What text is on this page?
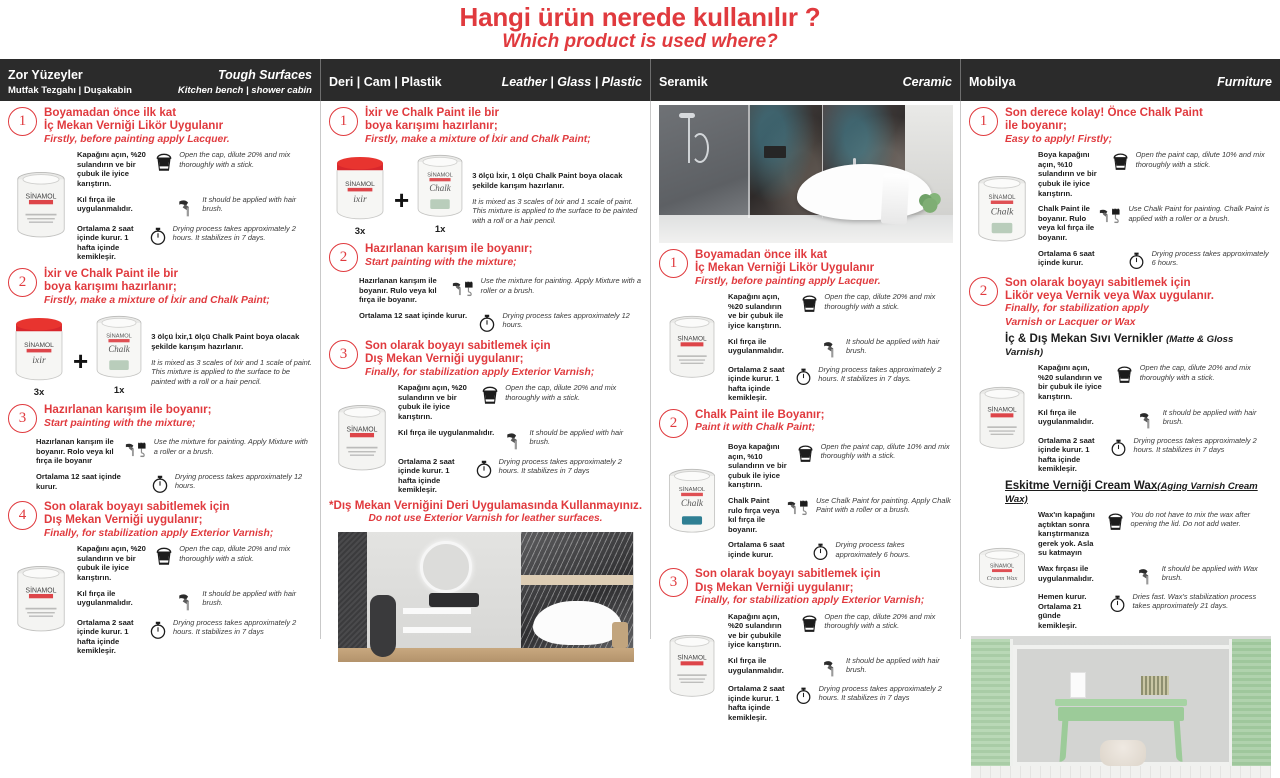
Hangi ürün nerede kullanılır ?
Which product is used where?
Zor Yüzeyler	Tough Surfaces
Mutfak Tezgahı | Duşakabin	Kitchen bench | shower cabin
Deri | Cam | Plastik	Leather | Glass | Plastic Seramik	Ceramic Mobilya	Furniture
1
Boyamadan önce ilk kat
İç Mekan Verniği Likör Uygulanır
Firstly, before painting apply Lacquer.
Kapağını açın, %20 sulandırın ve bir çubuk ile iyice karıştırın.
Open the cap, dilute 20% and mix thoroughly with a stick.
Kıl fırça ile uygulanmalıdır.
It should be applied with hair brush.
Ortalama 2 saat içinde kurur. 1 hafta içinde kemikleşir.
Drying process takes approximately 2 hours. It stabilizes in 7 days.
2
İxir ve Chalk Paint ile bir
boya karışımı hazırlanır;
Firstly, make a mixture of İxir and Chalk Paint;
3x
+
1x
3 ölçü İxir,1 ölçü Chalk Paint boya olacak şekilde karışım hazırlanır.
It is mixed as 3 scales of Ixir and 1 scale of paint. This mixture is applied to the surface to be painted with a roll or a hair pencil.
3
Hazırlanan karışım ile boyanır;
Start painting with the mixture;
Hazırlanan karışım ile boyanır. Rolo veya kıl fırça ile boyanır
Use the mixture for painting. Apply Mixture with a roller or a brush.
Ortalama 12 saat içinde kurur.
Drying process takes approximately 12 hours.
4
Son olarak boyayı sabitlemek için
Dış Mekan Verniği uygulanır;
Finally, for stabilization apply Exterior Varnish;
Kapağını açın, %20 sulandırın ve bir çubuk ile iyice karıştırın.
Open the cap, dilute 20% and mix thoroughly with a stick.
Kıl fırça ile uygulanmalıdır.
It should be applied with hair brush.
Ortalama 2 saat içinde kurur. 1 hafta içinde kemikleşir.
Drying process takes approximately 2 hours. It stabilizes in 7 days
1
İxir ve Chalk Paint ile bir
boya karışımı hazırlanır;
Firstly, make a mixture of İxir and Chalk Paint;
3x
+
1x
3 ölçü İxir, 1 ölçü Chalk Paint boya olacak şekilde karışım hazırlanır.
It is mixed as 3 scales of Ixir and 1 scale of paint. This mixture is applied to the surface to be painted with a roll or a hair pencil.
2
Hazırlanan karışım ile boyanır;
Start painting with the mixture;
Hazırlanan karışım ile boyanır. Rulo veya kıl fırça ile boyanır.
Use the mixture for painting. Apply Mixture with a roller or a brush.
Ortalama 12 saat içinde kurur.	Drying process takes approximately 12 hours.
3
Son olarak boyayı sabitlemek için
Dış Mekan Verniği uygulanır;
Finally, for stabilization apply Exterior Varnish;
Kapağını açın, %20 sulandırın ve bir çubuk ile iyice karıştırın.
Open the cap, dilute 20% and mix thoroughly with a stick.
Kıl fırça ile uygulanmalıdır.	It should be applied with hair brush.
Ortalama 2 saat içinde kurur. 1 hafta içinde kemikleşir.
Drying process takes approximately 2 hours. It stabilizes in 7 days
*Dış Mekan Verniğini Deri Uygulamasında Kullanmayınız.
Do not use Exterior Varnish for leather surfaces.
1
Boyamadan önce ilk kat
İç Mekan Verniği Likör Uygulanır
Firstly, before painting apply Lacquer.
Kapağını açın, %20 sulandırın ve bir çubuk ile iyice karıştırın.
Open the cap, dilute 20% and mix thoroughly with a stick.
Kıl fırça ile uygulanmalıdır.
It should be applied with hair brush.
Ortalama 2 saat içinde kurur. 1 hafta içinde kemikleşir.
Drying process takes approximately 2 hours. It stabilizes in 7 days.
2
Chalk Paint ile Boyanır;
Paint it with Chalk Paint;
Boya kapağını açın, %10 sulandırın ve bir çubuk ile iyice karıştırın.
Open the paint cap, dilute 10% and mix thoroughly with a stick.
Chalk Paint rulo fırça veya kıl fırça ile boyanır.
Use Chalk Paint for painting. Apply Chalk Paint with a roller or a brush.
Ortalama 6 saat içinde kurur.
Drying process takes approximately 6 hours.
3
Son olarak boyayı sabitlemek için
Dış Mekan Verniği uygulanır;
Finally, for stabilization apply Exterior Varnish;
Kapağını açın, %20 sulandırın ve bir çubukile iyice karıştırın.
Open the cap, dilute 20% and mix thoroughly with a stick.
Kıl fırça ile uygulanmalıdır.
It should be applied with hair brush.
Ortalama 2 saat içinde kurur. 1 hafta içinde kemikleşir.
Drying process takes approximately 2 hours. It stabilizes in 7 days
1
Son derece kolay! Önce Chalk Paint
ile boyanır;
Easy to apply! Firstly;
Boya kapağını açın, %10 sulandırın ve bir çubuk ile iyice karıştırın.
Open the paint cap, dilute 10% and mix thoroughly with a stick.
Chalk Paint ile boyanır. Rulo veya kıl fırça ile boyanır.
Use Chalk Paint for painting. Chalk Paint is applied with a roller or a brush.
Ortalama 6 saat içinde kurur.
Drying process takes approximately 6 hours.
2
Son olarak boyayı sabitlemek için
Likör veya Vernik veya Wax uygulanır.
Finally, for stabilization apply
Varnish or Lacquer or Wax
İç & Dış Mekan Sıvı Vernikler (Matte & Gloss Varnish)
Kapağını açın, %20 sulandırın ve bir çubuk ile iyice karıştırın.
Open the cap, dilute 20% and mix thoroughly with a stick.
Kıl fırça ile uygulanmalıdır.
It should be applied with hair brush.
Ortalama 2 saat içinde kurur. 1 hafta içinde kemikleşir.
Drying process takes approximately 2 hours. It stabilizes in 7 days
Eskitme Verniği Cream Wax(Aging Varnish Cream Wax)
Wax'ın kapağını açtıktan sonra karıştırmanıza gerek yok. Asla su katmayın
You do not have to mix the wax after opening the lid. Do not add water.
Wax fırçası ile uygulanmalıdır.
It should be applied with Wax brush.
Hemen kurur. Ortalama 21 günde kemikleşir.
Dries fast. Wax's stabilization process takes approximately 21 days.
